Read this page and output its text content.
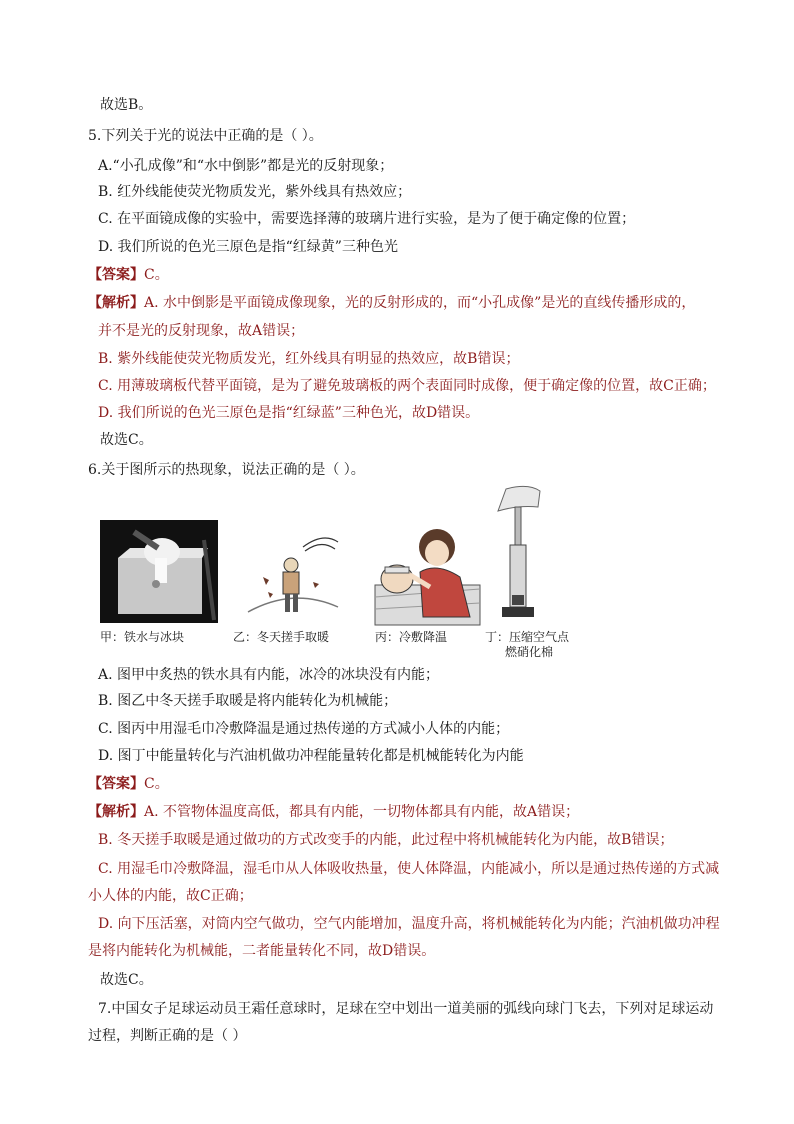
故选B。
5.下列关于光的说法中正确的是（ ）。
A.“小孔成像”和“水中倒影”都是光的反射现象；
B. 红外线能使荧光物质发光，紫外线具有热效应；
C. 在平面镜成像的实验中，需要选择薄的玻璃片进行实验，是为了便于确定像的位置；
D. 我们所说的色光三原色是指“红绿黄”三种色光
【答案】C。
【解析】A. 水中倒影是平面镜成像现象，光的反射形成的，而“小孔成像”是光的直线传播形成的，
并不是光的反射现象，故A错误；
B. 紫外线能使荧光物质发光，红外线具有明显的热效应，故B错误；
C. 用薄玻璃板代替平面镜，是为了避免玻璃板的两个表面同时成像，便于确定像的位置，故C正确；
D. 我们所说的色光三原色是指“红绿蓝”三种色光，故D错误。
故选C。
6.关于图所示的热现象，说法正确的是（ ）。
甲：铁水与冰块	乙：冬天搓手取暖	丙：冷敷降温	丁：压缩空气点
燃硝化棉
A. 图甲中炙热的铁水具有内能，冰冷的冰块没有内能；
B. 图乙中冬天搓手取暖是将内能转化为机械能；
C. 图丙中用湿毛巾冷敷降温是通过热传递的方式减小人体的内能；
D. 图丁中能量转化与汽油机做功冲程能量转化都是机械能转化为内能
【答案】C。
【解析】A. 不管物体温度高低，都具有内能，一切物体都具有内能，故A错误；
B. 冬天搓手取暖是通过做功的方式改变手的内能，此过程中将机械能转化为内能，故B错误；
C. 用湿毛巾冷敷降温，湿毛巾从人体吸收热量，使人体降温，内能减小，所以是通过热传递的方式减
小人体的内能，故C正确；
D. 向下压活塞，对筒内空气做功，空气内能增加，温度升高，将机械能转化为内能；汽油机做功冲程
是将内能转化为机械能，二者能量转化不同，故D错误。
故选C。
7.中国女子足球运动员王霜任意球时，足球在空中划出一道美丽的弧线向球门飞去，下列对足球运动
过程，判断正确的是（ ）
